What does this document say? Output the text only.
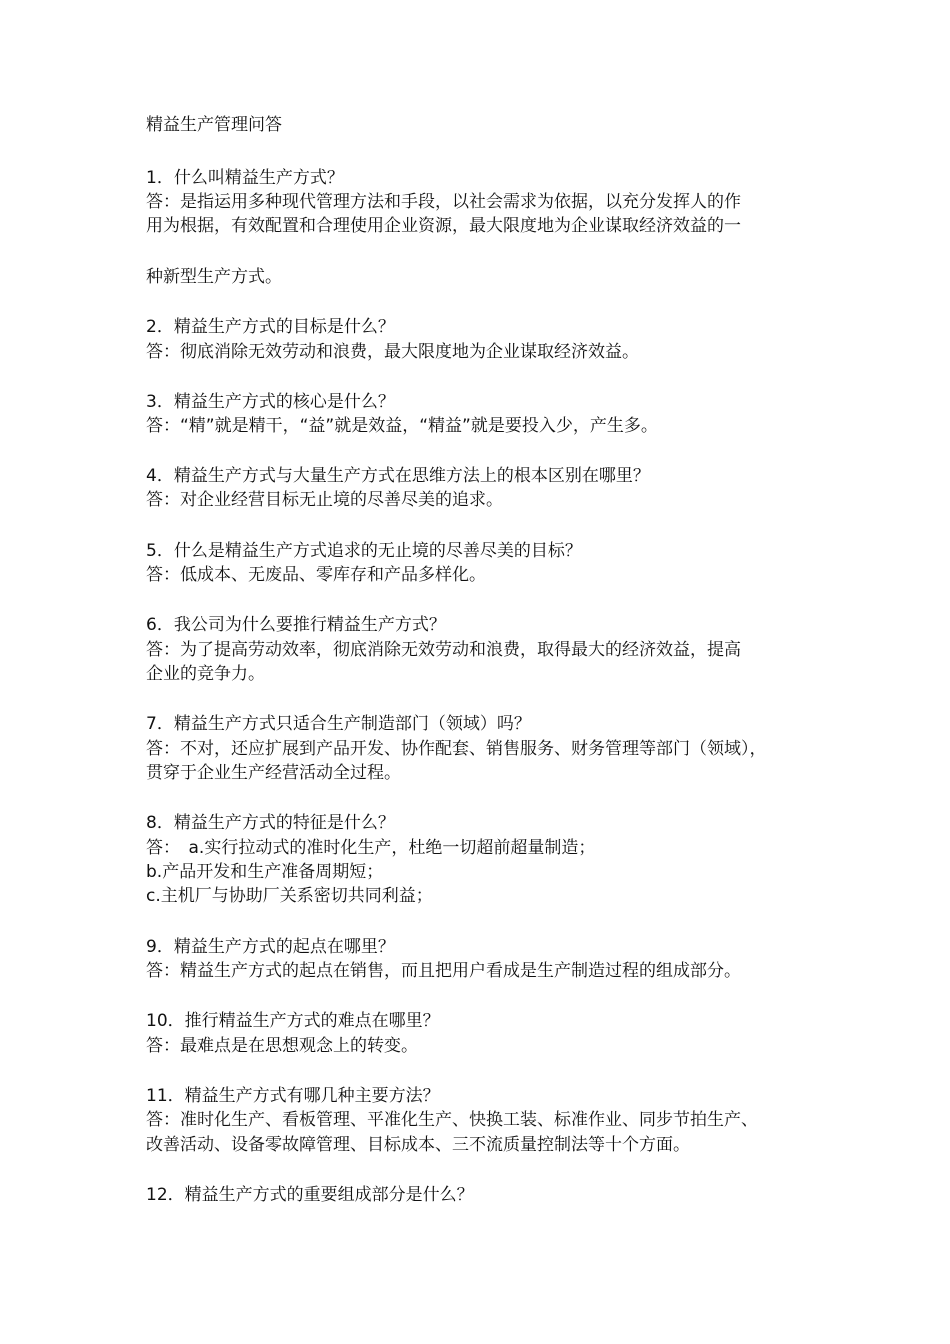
精益生产管理问答
1．什么叫精益生产方式？
答：是指运用多种现代管理方法和手段，以社会需求为依据，以充分发挥人的作
用为根据，有效配置和合理使用企业资源，最大限度地为企业谋取经济效益的一
种新型生产方式。
2．精益生产方式的目标是什么？
答：彻底消除无效劳动和浪费，最大限度地为企业谋取经济效益。
3．精益生产方式的核心是什么？
答：“精”就是精干，“益”就是效益，“精益”就是要投入少，产生多。
4．精益生产方式与大量生产方式在思维方法上的根本区别在哪里？
答：对企业经营目标无止境的尽善尽美的追求。
5．什么是精益生产方式追求的无止境的尽善尽美的目标？
答：低成本、无废品、零库存和产品多样化。
6．我公司为什么要推行精益生产方式？
答：为了提高劳动效率，彻底消除无效劳动和浪费，取得最大的经济效益，提高
企业的竞争力。
7．精益生产方式只适合生产制造部门（领域）吗？
答：不对，还应扩展到产品开发、协作配套、销售服务、财务管理等部门（领域），
贯穿于企业生产经营活动全过程。
8．精益生产方式的特征是什么？
答：　a.实行拉动式的准时化生产，杜绝一切超前超量制造；
b.产品开发和生产准备周期短；
c.主机厂与协助厂关系密切共同利益；
9．精益生产方式的起点在哪里？
答：精益生产方式的起点在销售，而且把用户看成是生产制造过程的组成部分。
10．推行精益生产方式的难点在哪里？
答：最难点是在思想观念上的转变。
11．精益生产方式有哪几种主要方法？
答：准时化生产、看板管理、平准化生产、快换工装、标准作业、同步节拍生产、
改善活动、设备零故障管理、目标成本、三不流质量控制法等十个方面。
12．精益生产方式的重要组成部分是什么？
